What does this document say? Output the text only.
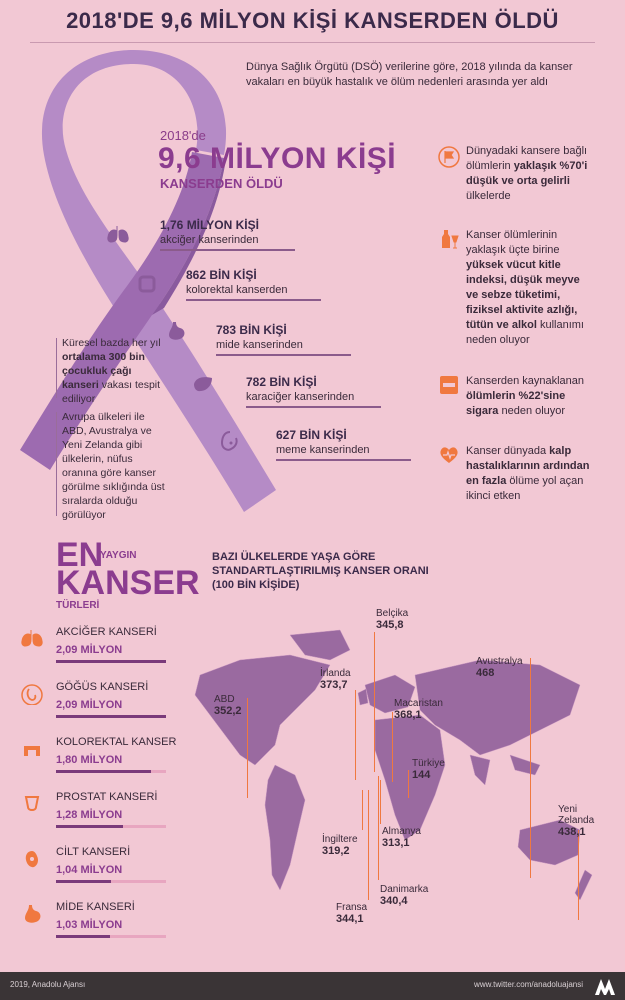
2018'DE 9,6 MİLYON KİŞİ KANSERDEN ÖLDÜ
Dünya Sağlık Örgütü (DSÖ) verilerine göre, 2018 yılında da kanser vakaları en büyük hastalık ve ölüm nedenleri arasında yer aldı
2018'de
9,6 MİLYON KİŞİ
KANSERDEN ÖLDÜ
1,76 MİLYON KİŞİ
akciğer kanserinden
862 BİN KİŞİ
kolorektal kanserden
783 BİN KİŞİ
mide kanserinden
782 BİN KİŞİ
karaciğer kanserinden
627 BİN KİŞİ
meme kanserinden
Küresel bazda her yıl ortalama 300 bin çocukluk çağı kanseri vakası tespit ediliyor
Avrupa ülkeleri ile ABD, Avustralya ve Yeni Zelanda gibi ülkelerin, nüfus oranına göre kanser görülme sıklığında üst sıralarda olduğu görülüyor
Dünyadaki kansere bağlı ölümlerin yaklaşık %70'i düşük ve orta gelirli ülkelerde
Kanser ölümlerinin yaklaşık üçte birine yüksek vücut kitle indeksi, düşük meyve ve sebze tüketimi, fiziksel aktivite azlığı, tütün ve alkol kullanımı neden oluyor
Kanserden kaynaklanan ölümlerin %22'sine sigara neden oluyor
Kanser dünyada kalp hastalıklarının ardından en fazla ölüme yol açan ikinci etken
EN
YAYGIN
KANSER
TÜRLERİ
AKCİĞER KANSERİ
2,09 MİLYON
GÖĞÜS KANSERİ
2,09 MİLYON
KOLOREKTAL KANSER
1,80 MİLYON
PROSTAT KANSERİ
1,28 MİLYON
CİLT KANSERİ
1,04 MİLYON
MİDE KANSERİ
1,03 MİLYON
BAZI ÜLKELERDE YAŞA GÖRE STANDARTLAŞTIRILMIŞ KANSER ORANI (100 BİN KİŞİDE)
Belçika
345,8
İrlanda
373,7
ABD
352,2
Macaristan
368,1
Avustralya
468
Türkiye
144
İngiltere
319,2
Almanya
313,1
Yeni Zelanda
438,1
Danimarka
340,4
Fransa
344,1
2019, Anadolu Ajansı	www.twitter.com/anadoluajansi
